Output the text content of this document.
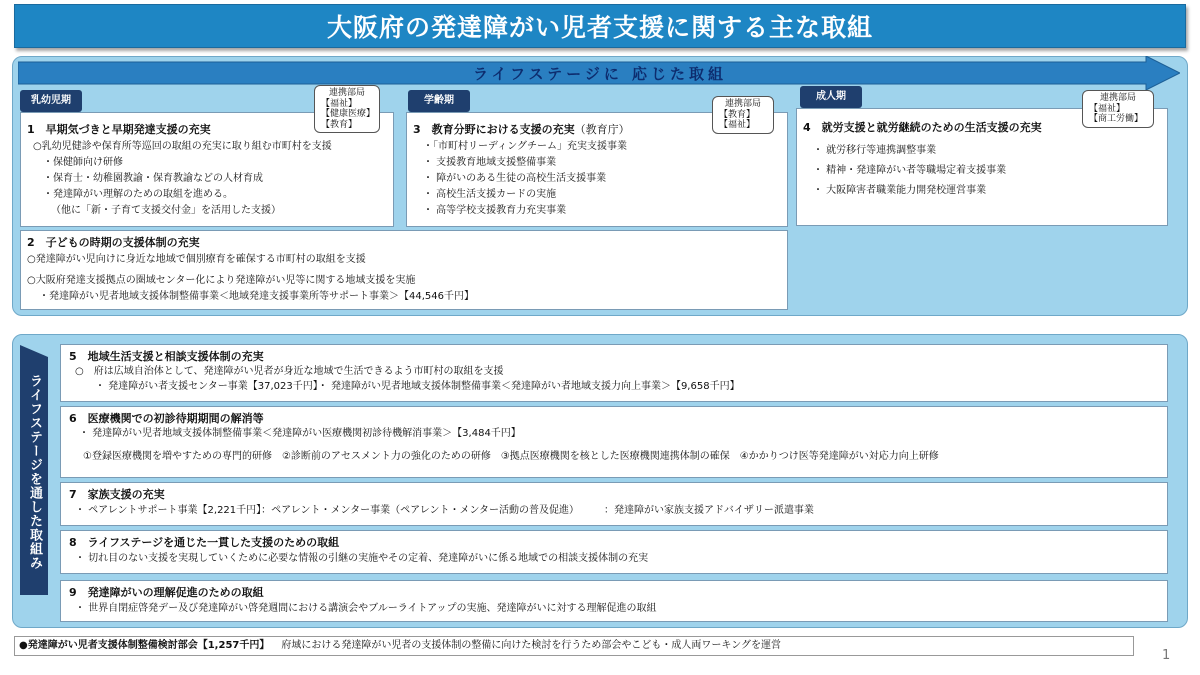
大阪府の発達障がい児者支援に関する主な取組
ライフステージに 応じた取組
乳幼児期	学齢期	成人期
1　早期気づきと早期発達支援の充実
○乳幼児健診や保育所等巡回の取組の充実に取り組む市町村を支援
・保健師向け研修
・保育士・幼稚園教諭・保育教諭などの人材育成
・発達障がい理解のための取組を進める。
（他に「新・子育て支援交付金」を活用した支援）
連携部局
【福祉】
【健康医療】
【教育】
2　子どもの時期の支援体制の充実
○発達障がい児向けに身近な地域で個別療育を確保する市町村の取組を支援
○大阪府発達支援拠点の圏域センター化により発達障がい児等に関する地域支援を実施
・発達障がい児者地域支援体制整備事業＜地域発達支援事業所等サポート事業＞【44,546千円】
3　教育分野における支援の充実（教育庁）
・「市町村リーディングチーム」充実支援事業
・ 支援教育地域支援整備事業
・ 障がいのある生徒の高校生活支援事業
・ 高校生活支援カードの実施
・ 高等学校支援教育力充実事業
連携部局
【教育】
【福祉】	4　就労支援と就労継続のための生活支援の充実
・ 就労移行等連携調整事業
・ 精神・発達障がい者等職場定着支援事業
・ 大阪障害者職業能力開発校運営事業
連携部局
【福祉】
【商工労働】
ライフステージを通した取組み
5　地域生活支援と相談支援体制の充実
○　府は広域自治体として、発達障がい児者が身近な地域で生活できるよう市町村の取組を支援
・ 発達障がい者支援センター事業【37,023千円】・ 発達障がい児者地域支援体制整備事業＜発達障がい者地域支援力向上事業＞【9,658千円】
6　医療機関での初診待期期間の解消等
・ 発達障がい児者地域支援体制整備事業＜発達障がい医療機関初診待機解消事業＞【3,484千円】
①登録医療機関を増やすための専門的研修　②診断前のアセスメント力の強化のための研修　③拠点医療機関を核とした医療機関連携体制の確保　④かかりつけ医等発達障がい対応力向上研修
7　家族支援の充実
・ ペアレントサポート事業【2,221千円】：ペアレント・メンター事業（ペアレント・メンター活動の普及促進）　　　：発達障がい家族支援アドバイザリー派遣事業
8　ライフステージを通じた一貫した支援のための取組
・ 切れ目のない支援を実現していくために必要な情報の引継の実施やその定着、発達障がいに係る地域での相談支援体制の充実
9　発達障がいの理解促進のための取組
・ 世界自閉症啓発デー及び発達障がい啓発週間における講演会やブルーライトアップの実施、発達障がいに対する理解促進の取組
●発達障がい児者支援体制整備検討部会【1,257千円】 府域における発達障がい児者の支援体制の整備に向けた検討を行うため部会やこども・成人両ワーキングを運営
1
